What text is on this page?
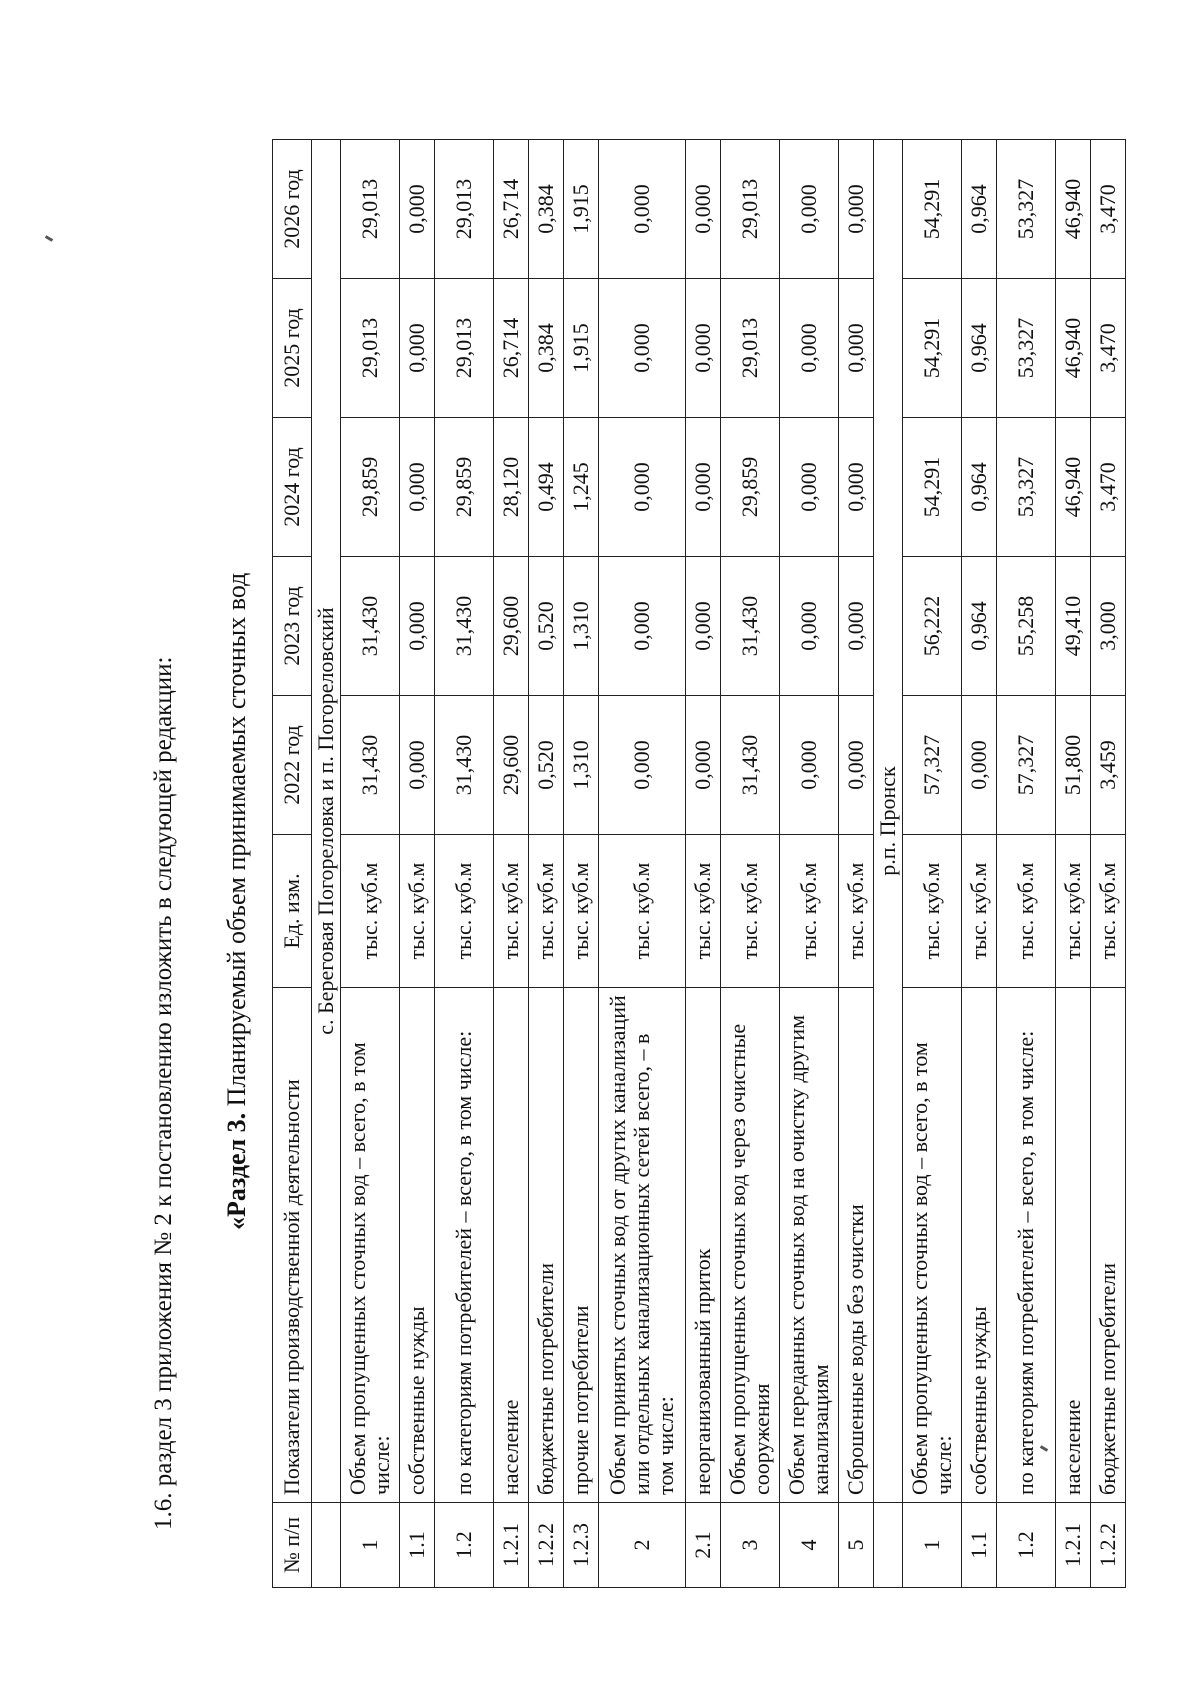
1.6. раздел 3 приложения № 2 к постановлению изложить в следующей редакции: «Раздел 3. Планируемый объем принимаемых сточных вод
№ п/п	Показатели производственной деятельности	Ед. изм.	2022 год	2023 год	2024 год	2025 год	2026 год
	с. Береговая Погореловка и п. Погореловский						
1	Объем пропущенных сточных вод – всего, в том числе:	тыс. куб.м	31,430	31,430	29,859	29,013	29,013
1.1	собственные нужды	тыс. куб.м	0,000	0,000	0,000	0,000	0,000
1.2	по категориям потребителей – всего, в том числе:	тыс. куб.м	31,430	31,430	29,859	29,013	29,013
1.2.1	население	тыс. куб.м	29,600	29,600	28,120	26,714	26,714
1.2.2	бюджетные потребители	тыс. куб.м	0,520	0,520	0,494	0,384	0,384
1.2.3	прочие потребители	тыс. куб.м	1,310	1,310	1,245	1,915	1,915
2	Объем принятых сточных вод от других канализаций или отдельных канализационных сетей всего, – в том числе:	тыс. куб.м	0,000	0,000	0,000	0,000	0,000
2.1	неорганизованный приток	тыс. куб.м	0,000	0,000	0,000	0,000	0,000
3	Объем пропущенных сточных вод через очистные сооружения	тыс. куб.м	31,430	31,430	29,859	29,013	29,013
4	Объем переданных сточных вод на очистку другим канализациям	тыс. куб.м	0,000	0,000	0,000	0,000	0,000
5	Сброшенные воды без очистки	тыс. куб.м	0,000	0,000	0,000	0,000	0,000
	р.п. Пронск						
1	Объем пропущенных сточных вод – всего, в том числе:	тыс. куб.м	57,327	56,222	54,291	54,291	54,291
1.1	собственные нужды	тыс. куб.м	0,000	0,964	0,964	0,964	0,964
1.2	по категориям потребителей – всего, в том числе:	тыс. куб.м	57,327	55,258	53,327	53,327	53,327
1.2.1	население	тыс. куб.м	51,800	49,410	46,940	46,940	46,940
1.2.2	бюджетные потребители	тыс. куб.м	3,459	3,000	3,470	3,470	3,470
